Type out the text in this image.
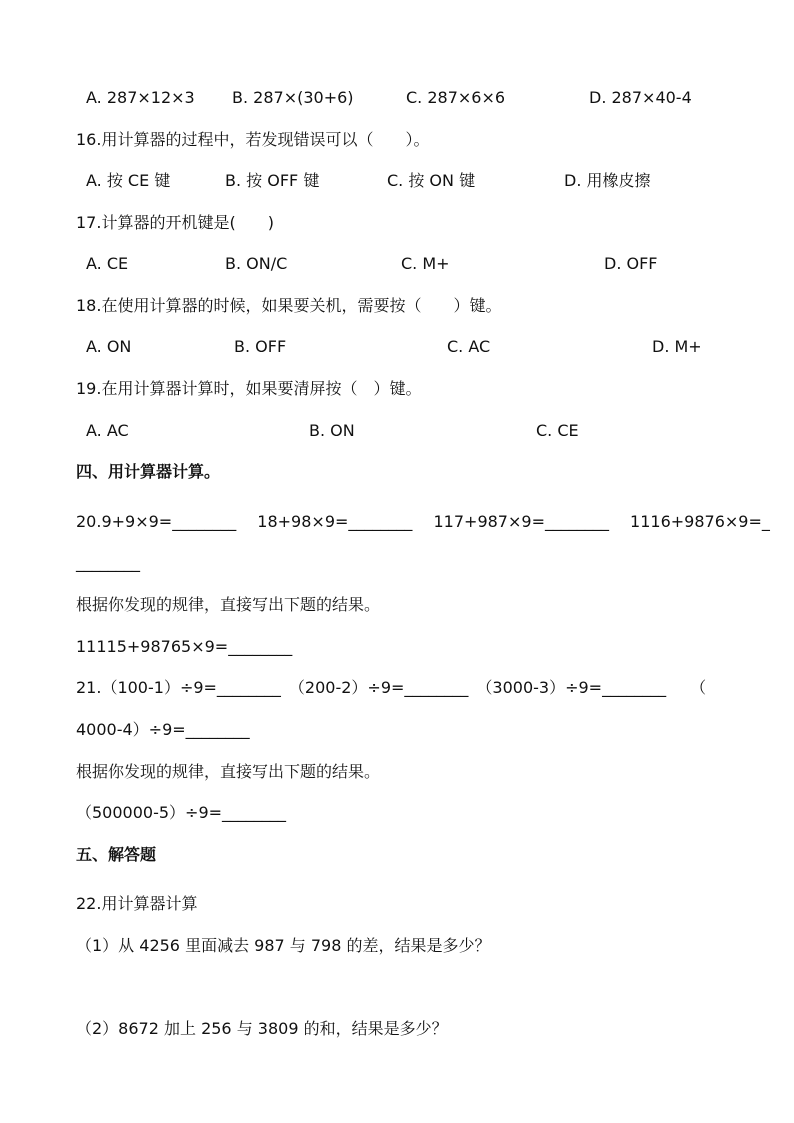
A. 287×12×3 B. 287×(30+6)	C. 287×6×6	D. 287×40-4
16.用计算器的过程中，若发现错误可以（　　）。
A. 按 CE 键	B. 按 OFF 键	C. 按 ON 键	D. 用橡皮擦
17.计算器的开机键是(　　)
A. CE	B. ON/C	C. M+	D. OFF
18.在使用计算器的时候，如果要关机，需要按（　　）键。
A. ON	B. OFF	C. AC	D. M+
19.在用计算器计算时，如果要清屏按（　）键。
A. AC	B. ON	C. CE
四、用计算器计算。
20.9+9×9=________　 18+98×9=________　 117+987×9=________　 1116+9876×9=_
________
根据你发现的规律，直接写出下题的结果。
11115+98765×9=________
21.（100-1）÷9=________　（200-2）÷9=________　（3000-3）÷9=________　　（
4000-4）÷9=________
根据你发现的规律，直接写出下题的结果。
（500000-5）÷9=________
五、解答题
22.用计算器计算
（1）从 4256 里面减去 987 与 798 的差，结果是多少？
（2）8672 加上 256 与 3809 的和，结果是多少？
